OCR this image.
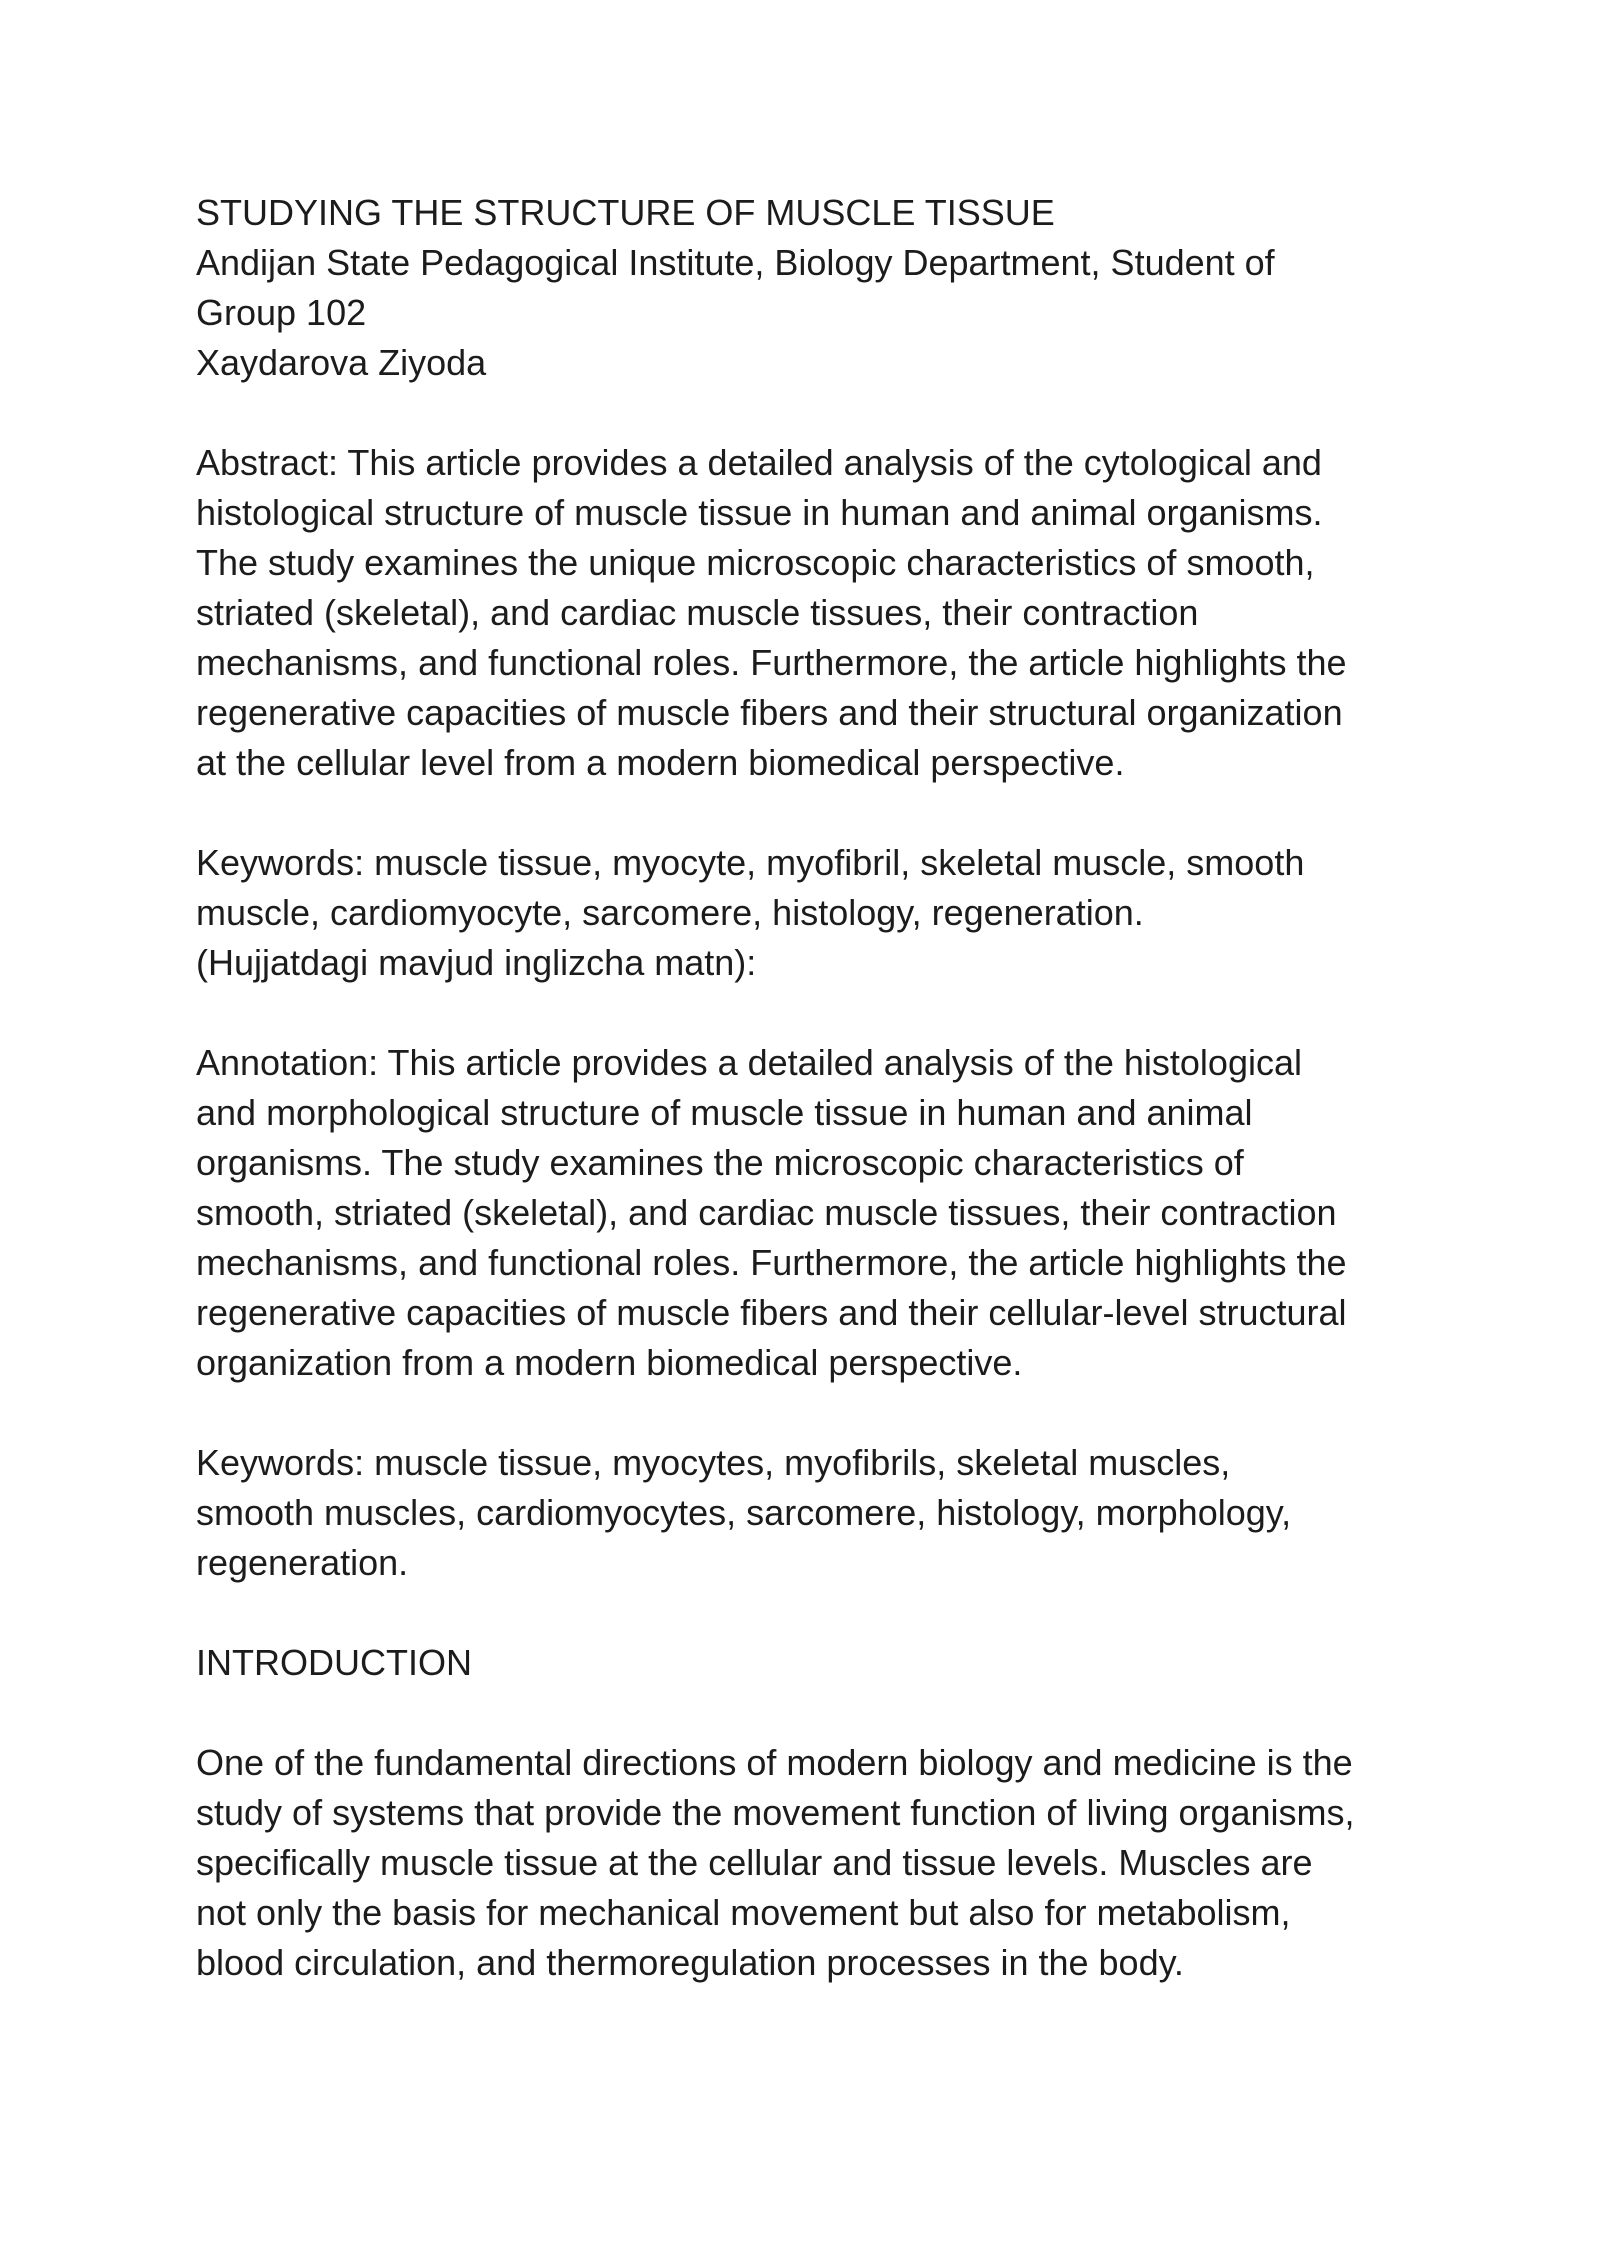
STUDYING THE STRUCTURE OF MUSCLE TISSUE
Andijan State Pedagogical Institute, Biology Department, Student of
Group 102
Xaydarova Ziyoda
Abstract: This article provides a detailed analysis of the cytological and
histological structure of muscle tissue in human and animal organisms.
The study examines the unique microscopic characteristics of smooth,
striated (skeletal), and cardiac muscle tissues, their contraction
mechanisms, and functional roles. Furthermore, the article highlights the
regenerative capacities of muscle fibers and their structural organization
at the cellular level from a modern biomedical perspective.
Keywords: muscle tissue, myocyte, myofibril, skeletal muscle, smooth
muscle, cardiomyocyte, sarcomere, histology, regeneration.
(Hujjatdagi mavjud inglizcha matn):
Annotation: This article provides a detailed analysis of the histological
and morphological structure of muscle tissue in human and animal
organisms. The study examines the microscopic characteristics of
smooth, striated (skeletal), and cardiac muscle tissues, their contraction
mechanisms, and functional roles. Furthermore, the article highlights the
regenerative capacities of muscle fibers and their cellular-level structural
organization from a modern biomedical perspective.
Keywords: muscle tissue, myocytes, myofibrils, skeletal muscles,
smooth muscles, cardiomyocytes, sarcomere, histology, morphology,
regeneration.
INTRODUCTION
One of the fundamental directions of modern biology and medicine is the
study of systems that provide the movement function of living organisms,
specifically muscle tissue at the cellular and tissue levels. Muscles are
not only the basis for mechanical movement but also for metabolism,
blood circulation, and thermoregulation processes in the body.
